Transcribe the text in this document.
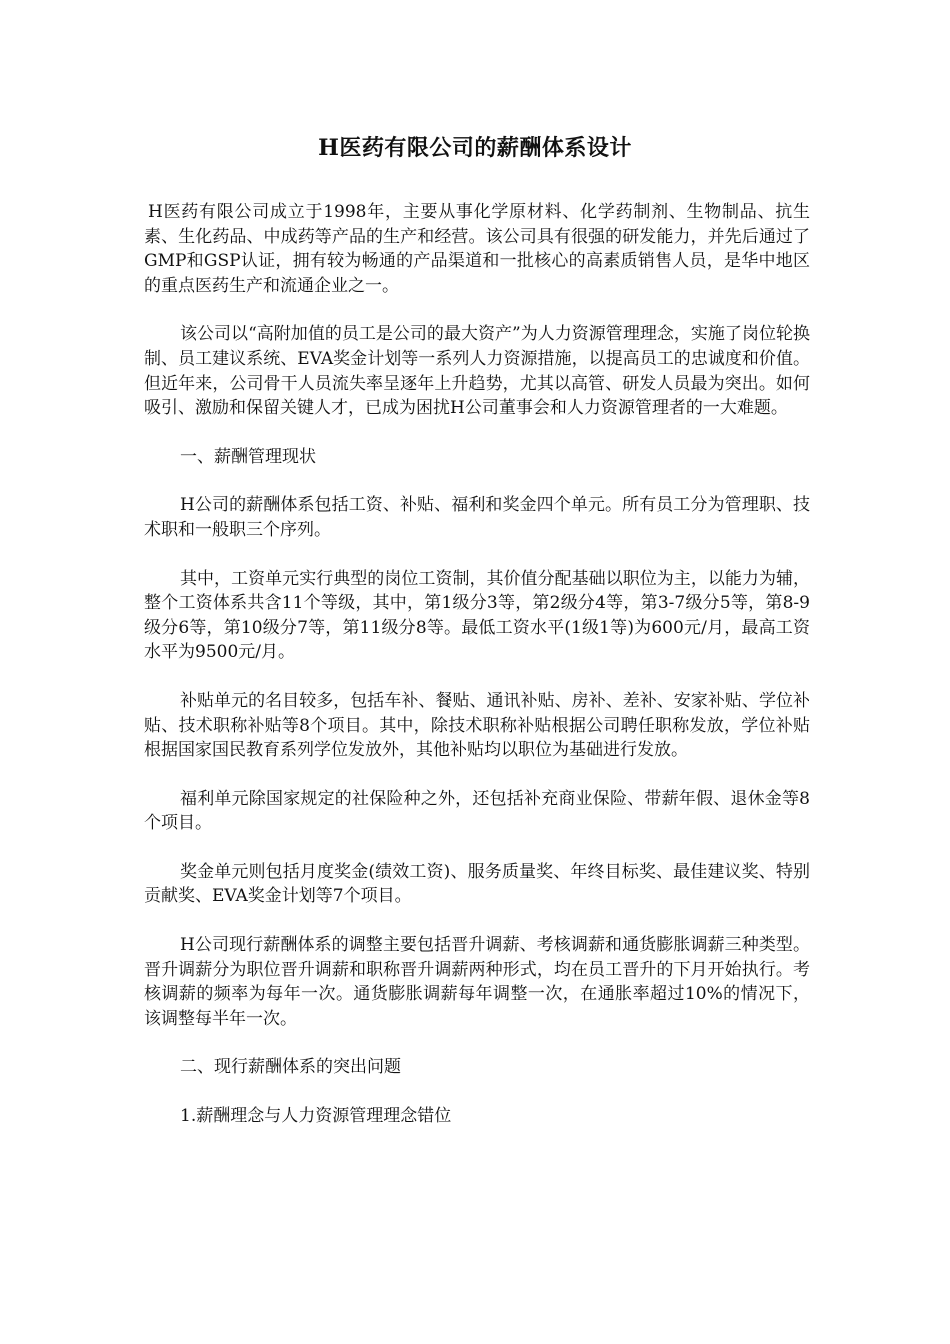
H医药有限公司的薪酬体系设计

H医药有限公司成立于1998年，主要从事化学原材料、化学药制剂、生物制品、抗生素、生化药品、中成药等产品的生产和经营。该公司具有很强的研发能力，并先后通过了GMP和GSP认证，拥有较为畅通的产品渠道和一批核心的高素质销售人员，是华中地区的重点医药生产和流通企业之一。

该公司以“高附加值的员工是公司的最大资产”为人力资源管理理念，实施了岗位轮换制、员工建议系统、EVA奖金计划等一系列人力资源措施，以提高员工的忠诚度和价值。但近年来，公司骨干人员流失率呈逐年上升趋势，尤其以高管、研发人员最为突出。如何吸引、激励和保留关键人才，已成为困扰H公司董事会和人力资源管理者的一大难题。

一、薪酬管理现状

H公司的薪酬体系包括工资、补贴、福利和奖金四个单元。所有员工分为管理职、技术职和一般职三个序列。

其中，工资单元实行典型的岗位工资制，其价值分配基础以职位为主，以能力为辅，整个工资体系共含11个等级，其中，第1级分3等，第2级分4等，第3-7级分5等，第8-9级分6等，第10级分7等，第11级分8等。最低工资水平(1级1等)为600元/月，最高工资水平为9500元/月。

补贴单元的名目较多，包括车补、餐贴、通讯补贴、房补、差补、安家补贴、学位补贴、技术职称补贴等8个项目。其中，除技术职称补贴根据公司聘任职称发放，学位补贴根据国家国民教育系列学位发放外，其他补贴均以职位为基础进行发放。

福利单元除国家规定的社保险种之外，还包括补充商业保险、带薪年假、退休金等8个项目。

奖金单元则包括月度奖金(绩效工资)、服务质量奖、年终目标奖、最佳建议奖、特别贡献奖、EVA奖金计划等7个项目。

H公司现行薪酬体系的调整主要包括晋升调薪、考核调薪和通货膨胀调薪三种类型。晋升调薪分为职位晋升调薪和职称晋升调薪两种形式，均在员工晋升的下月开始执行。考核调薪的频率为每年一次。通货膨胀调薪每年调整一次，在通胀率超过10%的情况下，该调整每半年一次。

二、现行薪酬体系的突出问题

1.薪酬理念与人力资源管理理念错位
